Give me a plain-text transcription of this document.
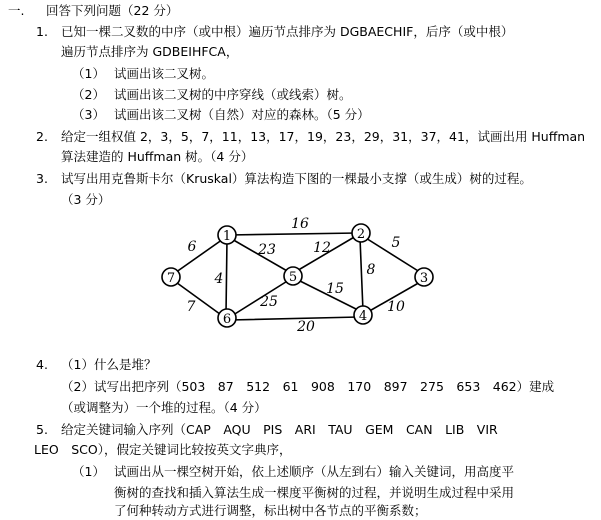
一. 回答下列问题（22 分）
1. 已知一棵二叉数的中序（或中根）遍历节点排序为 DGBAECHIF，后序（或中根）
遍历节点排序为 GDBEIHFCA，
（1） 试画出该二叉树。
（2） 试画出该二叉树的中序穿线（或线索）树。
（3） 试画出该二叉树（自然）对应的森林。（5 分）
2. 给定一组权值 2，3，5，7，11，13，17，19，23，29，31，37，41，试画出用 Huffman
算法建造的 Huffman 树。（4 分）
3. 试写出用克鲁斯卡尔（Kruskal）算法构造下图的一棵最小支撑（或生成）树的过程。
（3 分）
1	2
3
4
5
6
7
16
5
6	23	12
4
8
15
7	25	10
20
4. （1）什么是堆？
（2）试写出把序列（503　87　512　61　908　170　897　275　653　462）建成
（或调整为）一个堆的过程。（4 分）
5. 给定关键词输入序列（CAP　AQU　PIS　ARI　TAU　GEM　CAN　LIB　VIR
LEO　SCO），假定关键词比较按英文字典序，
（1） 试画出从一棵空树开始，依上述顺序（从左到右）输入关键词，用高度平
衡树的查找和插入算法生成一棵度平衡树的过程，并说明生成过程中采用
了何种转动方式进行调整，标出树中各节点的平衡系数；
